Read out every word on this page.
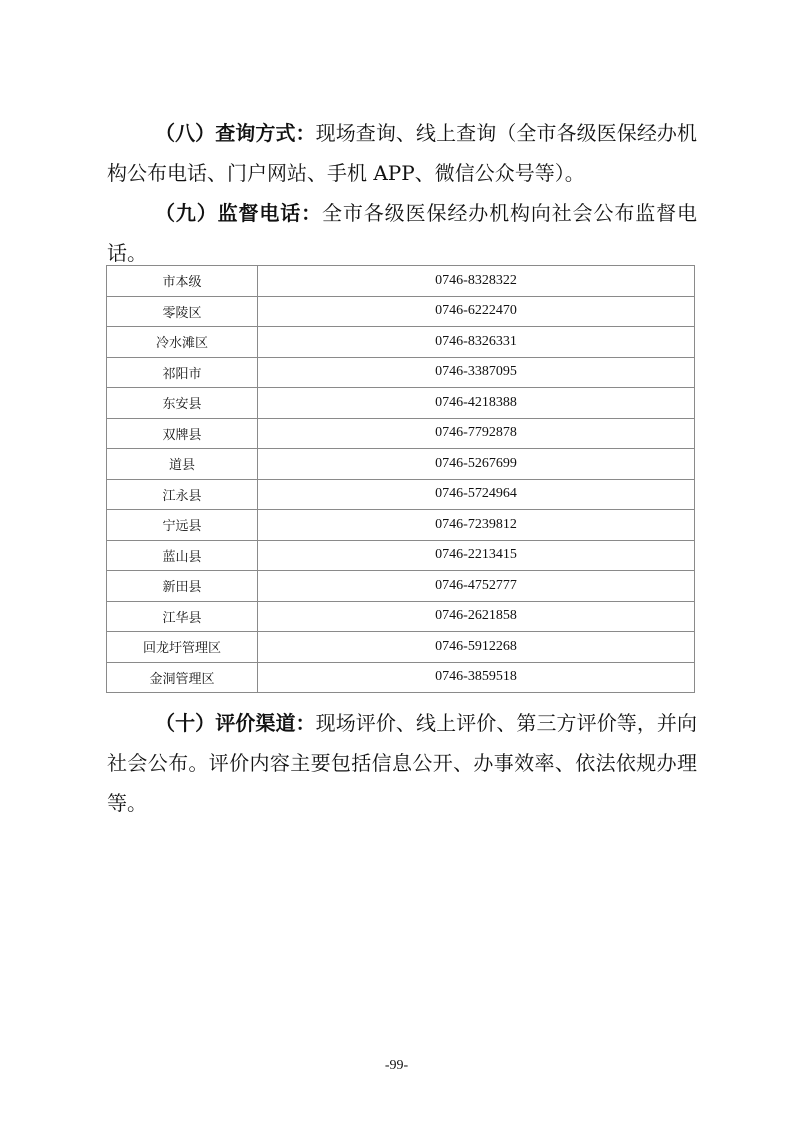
（八）查询方式：现场查询、线上查询（全市各级医保经办机构公布电话、门户网站、手机 APP、微信公众号等）。

（九）监督电话：全市各级医保经办机构向社会公布监督电话。

市本级	0746-8328322
零陵区	0746-6222470
冷水滩区	0746-8326331
祁阳市	0746-3387095
东安县	0746-4218388
双牌县	0746-7792878
道县	0746-5267699
江永县	0746-5724964
宁远县	0746-7239812
蓝山县	0746-2213415
新田县	0746-4752777
江华县	0746-2621858
回龙圩管理区	0746-5912268
金洞管理区	0746-3859518

（十）评价渠道：现场评价、线上评价、第三方评价等，并向社会公布。评价内容主要包括信息公开、办事效率、依法依规办理等。

-99-
